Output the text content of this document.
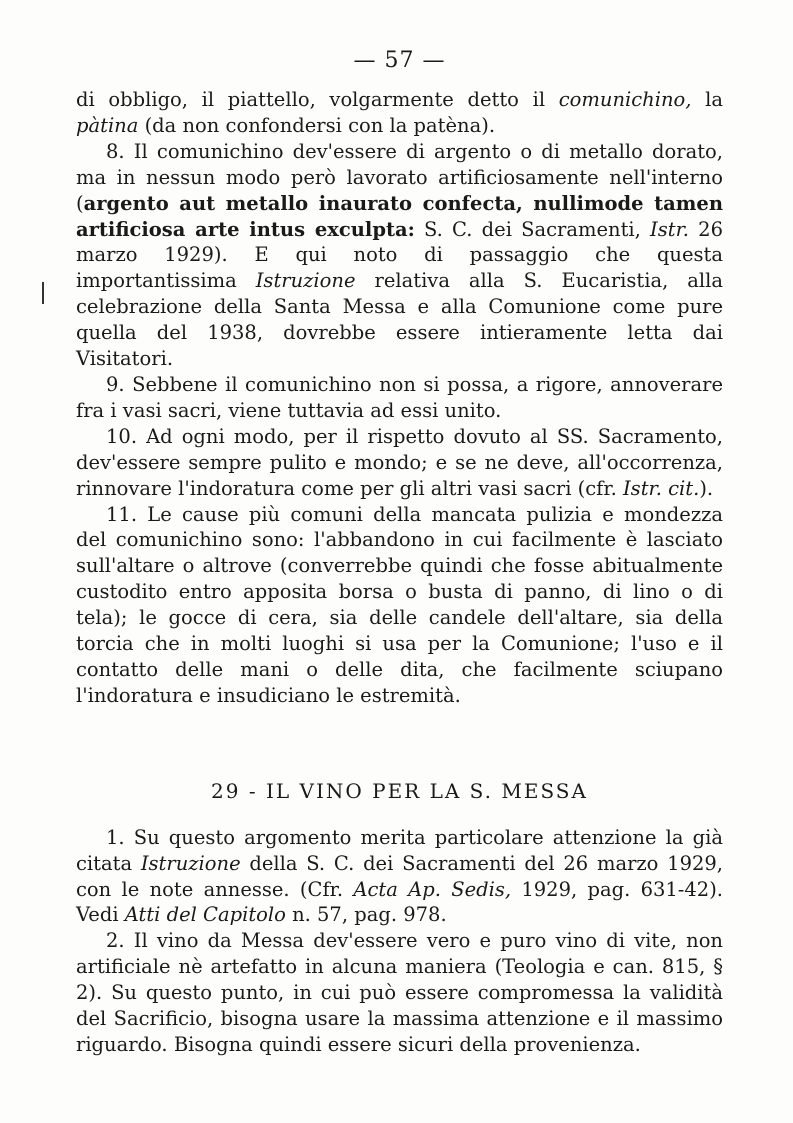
— 57 —

di obbligo, il piattello, volgarmente detto il comunichino, la pàtina (da non confondersi con la patèna).

8. Il comunichino dev'essere di argento o di metallo dorato, ma in nessun modo però lavorato artificiosamente nell'interno (argento aut metallo inaurato confecta, nullimode tamen artificiosa arte intus exculpta: S. C. dei Sacramenti, Istr. 26 marzo 1929). E qui noto di passaggio che questa importantissima Istruzione relativa alla S. Eucaristia, alla celebrazione della Santa Messa e alla Comunione come pure quella del 1938, dovrebbe essere intieramente letta dai Visitatori.

9. Sebbene il comunichino non si possa, a rigore, annoverare fra i vasi sacri, viene tuttavia ad essi unito.

10. Ad ogni modo, per il rispetto dovuto al SS. Sacramento, dev'essere sempre pulito e mondo; e se ne deve, all'occorrenza, rinnovare l'indoratura come per gli altri vasi sacri (cfr. Istr. cit.).

11. Le cause più comuni della mancata pulizia e mondezza del comunichino sono: l'abbandono in cui facilmente è lasciato sull'altare o altrove (converrebbe quindi che fosse abitualmente custodito entro apposita borsa o busta di panno, di lino o di tela); le gocce di cera, sia delle candele dell'altare, sia della torcia che in molti luoghi si usa per la Comunione; l'uso e il contatto delle mani o delle dita, che facilmente sciupano l'indoratura e insudiciano le estremità.

29 - IL VINO PER LA S. MESSA

1. Su questo argomento merita particolare attenzione la già citata Istruzione della S. C. dei Sacramenti del 26 marzo 1929, con le note annesse. (Cfr. Acta Ap. Sedis, 1929, pag. 631-42). Vedi Atti del Capitolo n. 57, pag. 978.

2. Il vino da Messa dev'essere vero e puro vino di vite, non artificiale nè artefatto in alcuna maniera (Teologia e can. 815, § 2). Su questo punto, in cui può essere compromessa la validità del Sacrificio, bisogna usare la massima attenzione e il massimo riguardo. Bisogna quindi essere sicuri della provenienza.
